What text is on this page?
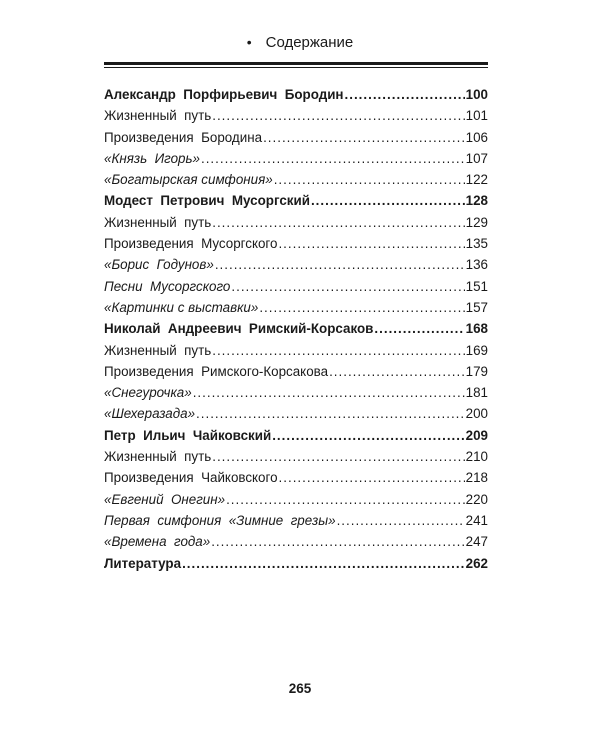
• Содержание
Александр  Порфирьевич  Бородин .....	100
Жизненный  путь .....	101
Произведения  Бородина .....	106
«Князь  Игорь» .....	107
«Богатырская симфония» .....	122
Модест  Петрович  Мусоргский .....	128
Жизненный  путь .....	129
Произведения  Мусоргского .....	135
«Борис  Годунов» .....	136
Песни  Мусоргского .....	151
«Картинки с выставки» .....	157
Николай  Андреевич  Римский-Корсаков .....	168
Жизненный  путь .....	169
Произведения  Римского-Корсакова .....	179
«Снегурочка» .....	181
«Шехеразада» .....	200
Петр  Ильич  Чайковский .....	209
Жизненный  путь .....	210
Произведения  Чайковского .....	218
«Евгений  Онегин» .....	220
Первая  симфония  «Зимние  грезы» .....	241
«Времена  года» .....	247
Литература .....	262
265
